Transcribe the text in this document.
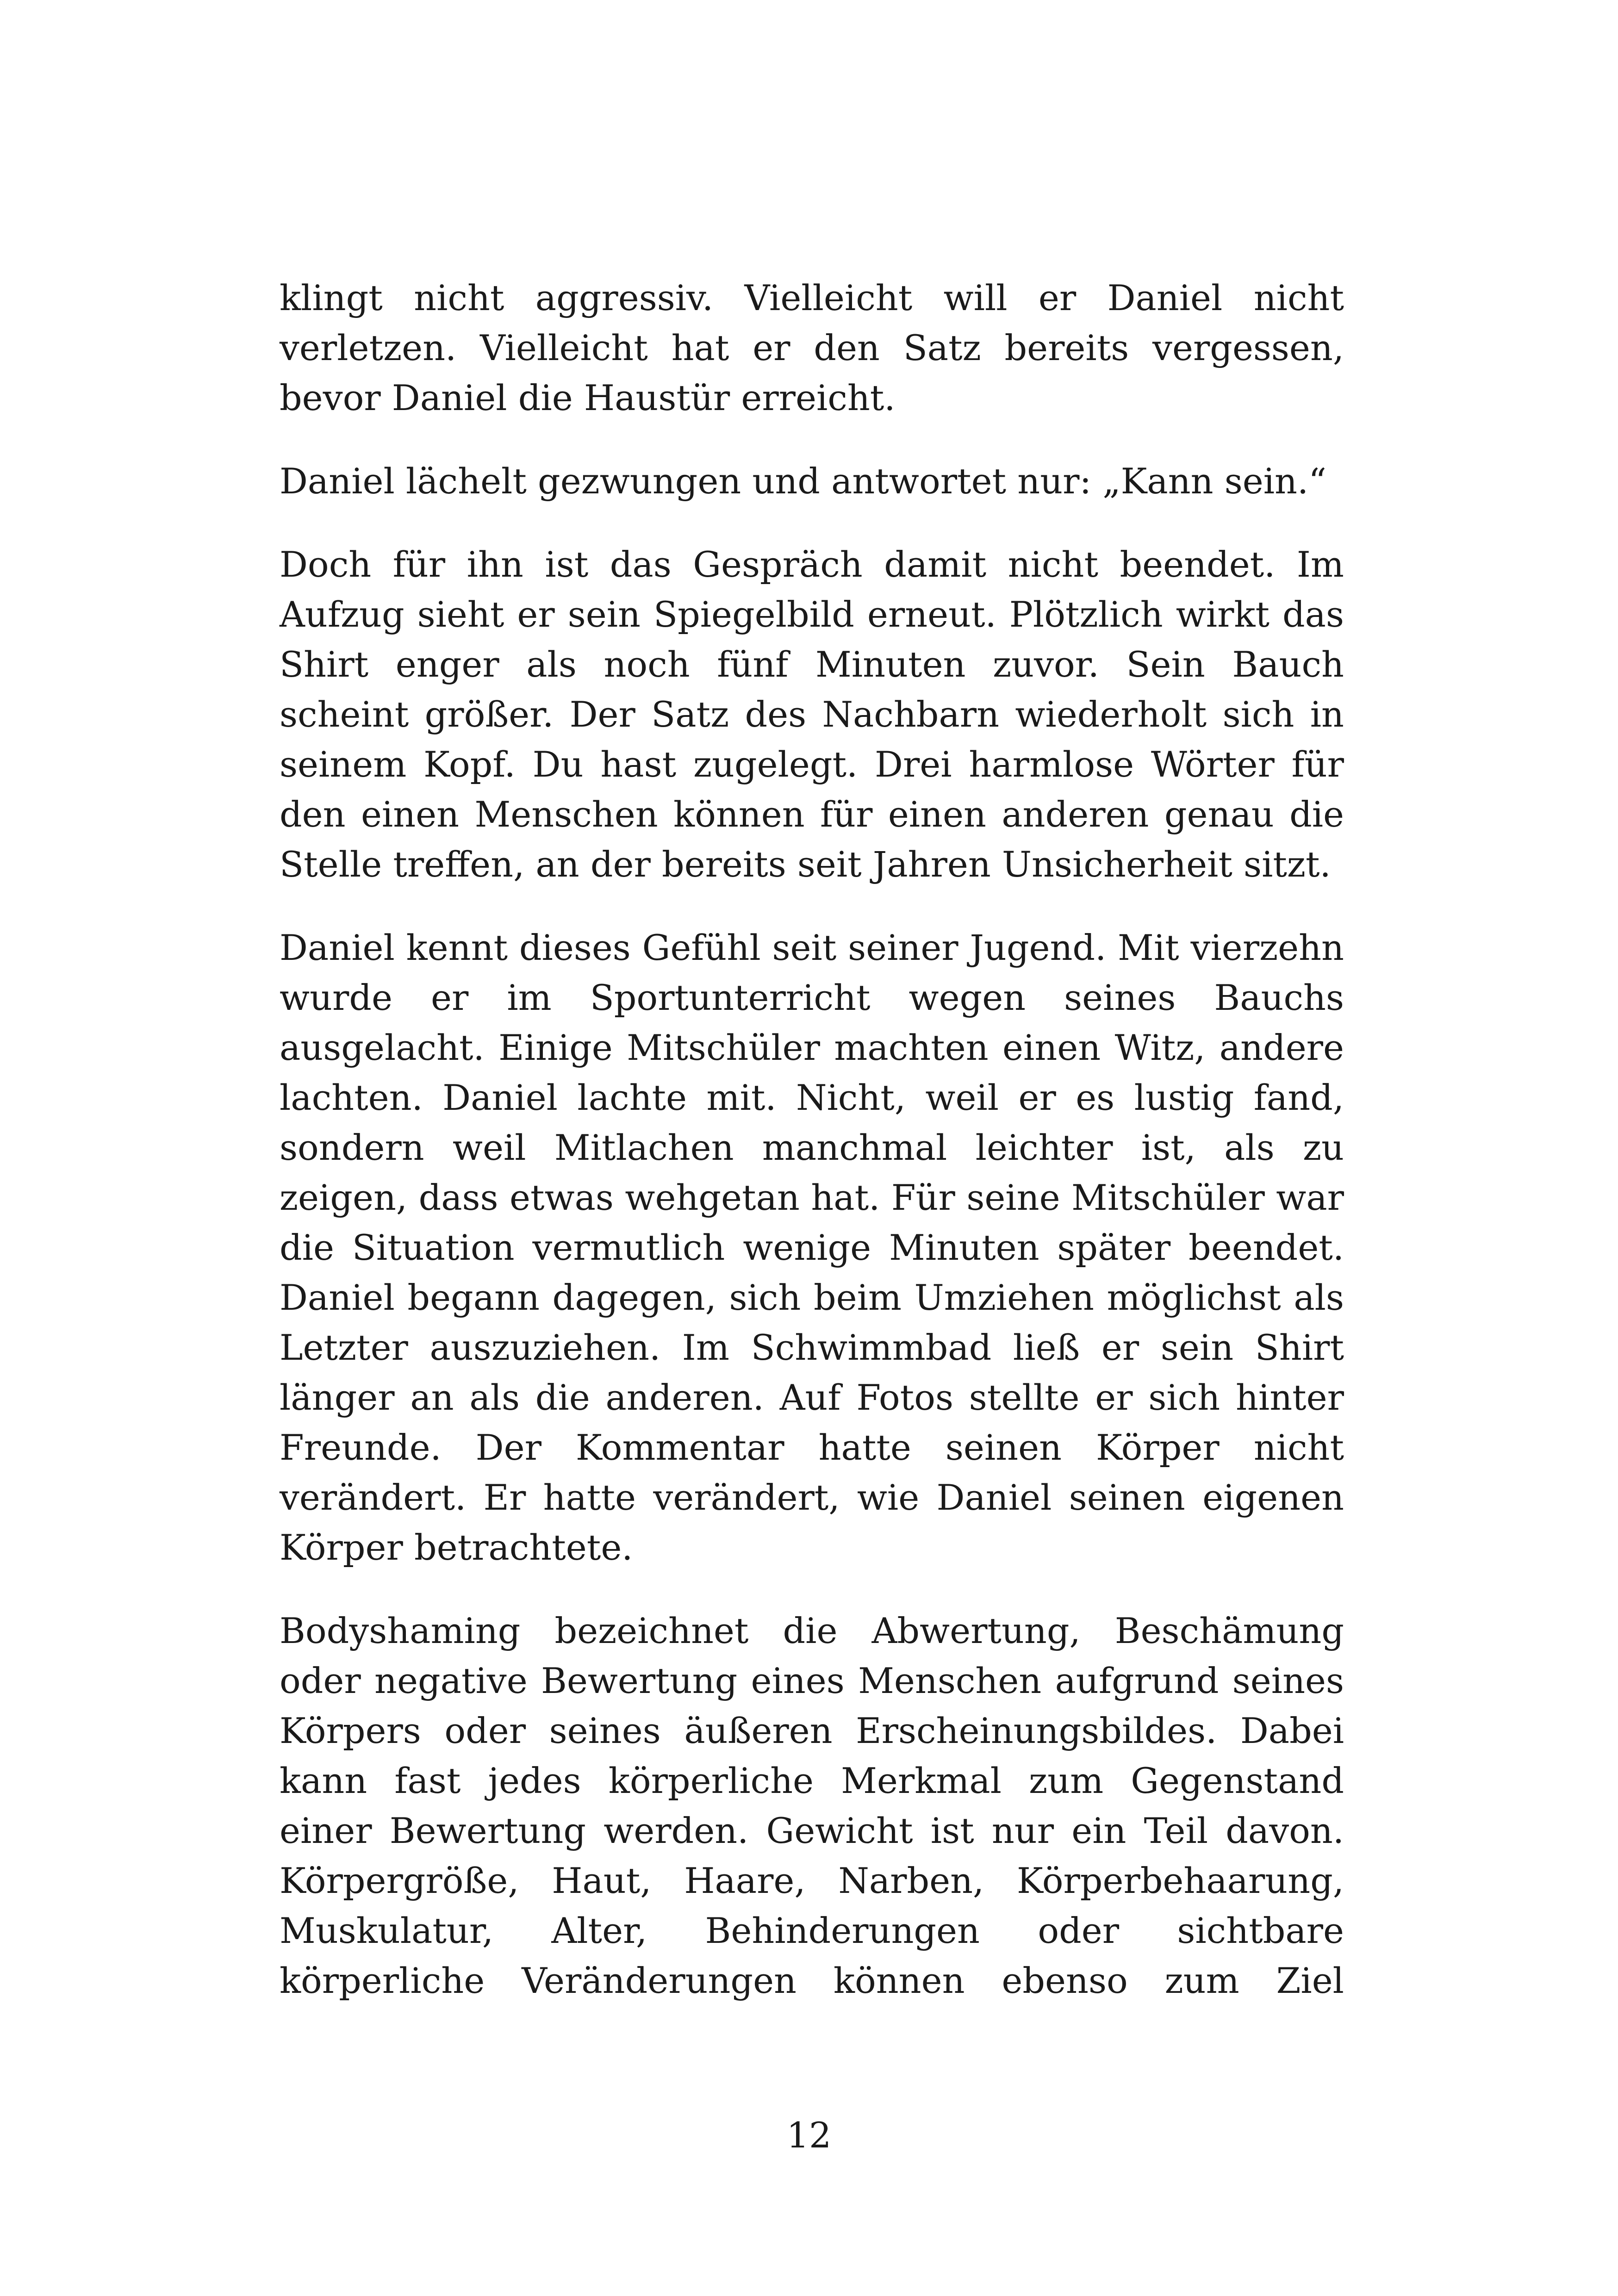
klingt nicht aggressiv. Vielleicht will er Daniel nicht verletzen. Vielleicht hat er den Satz bereits vergessen, bevor Daniel die Haustür erreicht.

Daniel lächelt gezwungen und antwortet nur: „Kann sein.“

Doch für ihn ist das Gespräch damit nicht beendet. Im Aufzug sieht er sein Spiegelbild erneut. Plötzlich wirkt das Shirt enger als noch fünf Minuten zuvor. Sein Bauch scheint größer. Der Satz des Nachbarn wiederholt sich in seinem Kopf. Du hast zugelegt. Drei harmlose Wörter für den einen Menschen können für einen anderen genau die Stelle treffen, an der bereits seit Jahren Unsicherheit sitzt.

Daniel kennt dieses Gefühl seit seiner Jugend. Mit vierzehn wurde er im Sportunterricht wegen seines Bauchs ausgelacht. Einige Mitschüler machten einen Witz, andere lachten. Daniel lachte mit. Nicht, weil er es lustig fand, sondern weil Mitlachen manchmal leichter ist, als zu zeigen, dass etwas wehgetan hat. Für seine Mitschüler war die Situation vermutlich wenige Minuten später beendet. Daniel begann dagegen, sich beim Umziehen möglichst als Letzter auszuziehen. Im Schwimmbad ließ er sein Shirt länger an als die anderen. Auf Fotos stellte er sich hinter Freunde. Der Kommentar hatte seinen Körper nicht verändert. Er hatte verändert, wie Daniel seinen eigenen Körper betrachtete.

Bodyshaming bezeichnet die Abwertung, Beschämung oder negative Bewertung eines Menschen aufgrund seines Körpers oder seines äußeren Erscheinungsbildes. Dabei kann fast jedes körperliche Merkmal zum Gegenstand einer Bewertung werden. Gewicht ist nur ein Teil davon. Körpergröße, Haut, Haare, Narben, Körperbehaarung, Muskulatur, Alter, Behinderungen oder sichtbare körperliche Veränderungen können ebenso zum Ziel

12
